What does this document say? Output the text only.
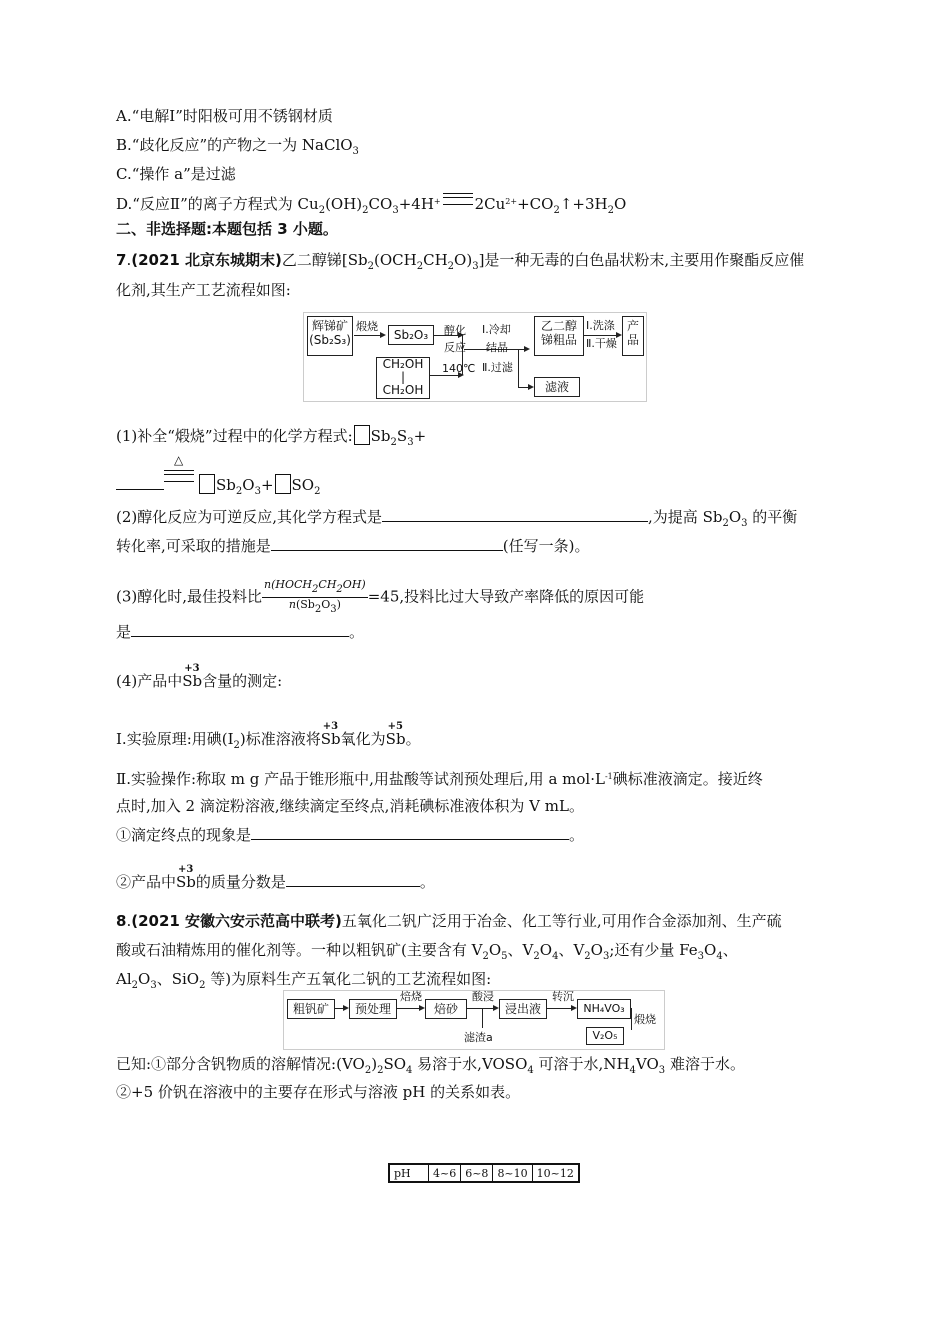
A.“电解Ⅰ”时阳极可用不锈钢材质
B.“歧化反应”的产物之一为 NaClO$_3$
C.“操作 a”是过滤
D.“反应Ⅱ”的离子方程式为 $Cu_2(OH)_2CO_3+4H^+$ $2Cu^{2+}+CO_2↑+3H_2O$
二、非选择题:本题包括 3 小题。
7.(2021 北京东城期末)乙二醇锑$[Sb_2(OCH_2CH_2O)_3]$是一种无毒的白色晶状粉末,主要用作聚酯反应催
化剂,其生产工艺流程如图:
辉锑矿
(Sb₂S₃)
煅烧
Sb₂O₃
CH₂OH
|
CH₂OH
醇化
反应
140℃
Ⅰ.冷却
结晶
Ⅱ.过滤
乙二醇
锑粗品
Ⅰ.洗涤
Ⅱ.干燥
产
品
滤液
(1)补全“煅烧”过程中的化学方程式: $Sb_2S_3+$
△
$Sb_2O_3+ SO_2$
(2)醇化反应为可逆反应,其化学方程式是	,为提高 $Sb_2O_3$ 的平衡
转化率,可采取的措施是	(任写一条)。
(3)醇化时,最佳投料比 $\frac{n(HOCH_2CH_2OH)}{n(Sb_2O_3)} =45$,投料比过大导致产率降低的原因可能
是	。
(4)产品中Sb
+3
含量的测定:
Ⅰ.实验原理:用碘$(I_2)$标准溶液将Sb
+3
氧化为Sb
+5
。
Ⅱ.实验操作:称取 m g 产品于锥形瓶中,用盐酸等试剂预处理后,用 a $mol\cdot L^{-1}$碘标准液滴定。接近终
点时,加入 2 滴淀粉溶液,继续滴定至终点,消耗碘标准液体积为 V mL。
①滴定终点的现象是	。
②产品中Sb
+3
的质量分数是	。
8.(2021 安徽六安示范高中联考)五氧化二钒广泛用于冶金、化工等行业,可用作合金添加剂、生产硫
酸或石油精炼用的催化剂等。一种以粗钒矿(主要含有 $V_2O_5$、$V_2O_4$、$V_2O_3$;还有少量 $Fe_3O_4$、
$Al_2O_3$、SiO$_2$ 等)为原料生产五氧化二钒的工艺流程如图:
粗钒矿	预处理
焙烧
焙砂
酸浸
滤渣a
浸出液
转沉
NH₄VO₃
煅烧
V₂O₅
已知:①部分含钒物质的溶解情况$:(VO_2)_2SO_4$ 易溶于水$,VOSO_4$ 可溶于水$,NH_4VO_3$ 难溶于水。
②+5 价钒在溶液中的主要存在形式与溶液 pH 的关系如表。
pH	4~6	6~8	8~10	10~12
